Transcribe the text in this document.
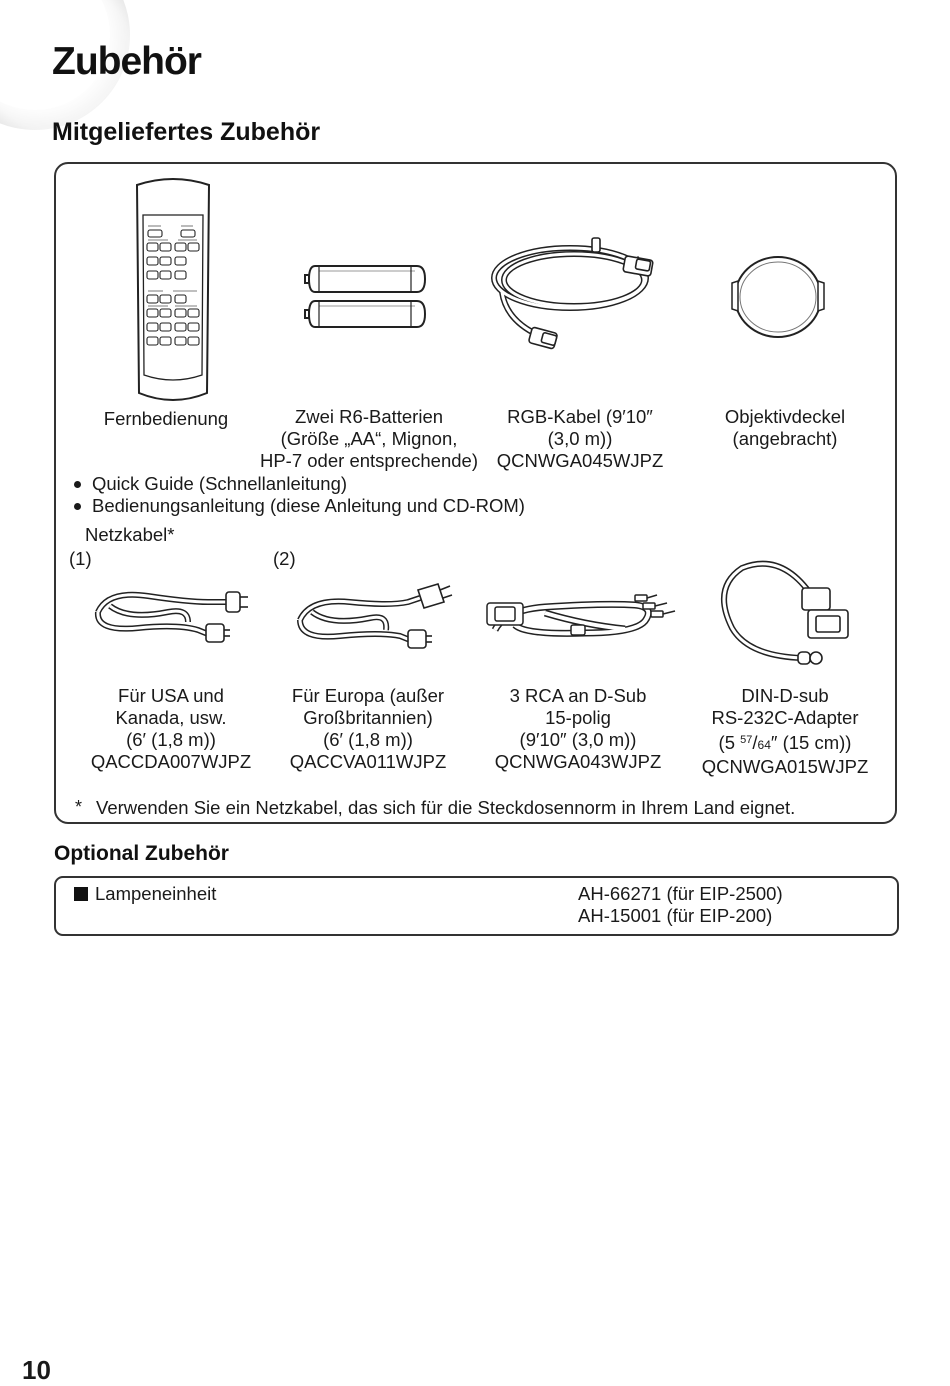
Zubehör
Mitgeliefertes Zubehör
Fernbedienung	Zwei R6-Batterien
(Größe „AA“, Mignon,
HP-7 oder entsprechende)
RGB-Kabel (9′10″
(3,0 m))
QCNWGA045WJPZ
Objektivdeckel
(angebracht)
Quick Guide (Schnellanleitung)
Bedienungsanleitung (diese Anleitung und CD-ROM)
Netzkabel*
(1)	(2)
Für USA und
Kanada, usw.
(6′ (1,8 m))
QACCDA007WJPZ
Für Europa (außer
Großbritannien)
(6′ (1,8 m))
QACCVA011WJPZ
3 RCA an D-Sub
15-polig
(9′10″ (3,0 m))
QCNWGA043WJPZ
DIN-D-sub
RS-232C-Adapter
(5 $^{57}$/64″ (15 cm))
QCNWGA015WJPZ
* Verwenden Sie ein Netzkabel, das sich für die Steckdosennorm in Ihrem Land eignet.
Optional Zubehör
Lampeneinheit	AH-66271 (für EIP-2500)
AH-15001 (für EIP-200)
10
